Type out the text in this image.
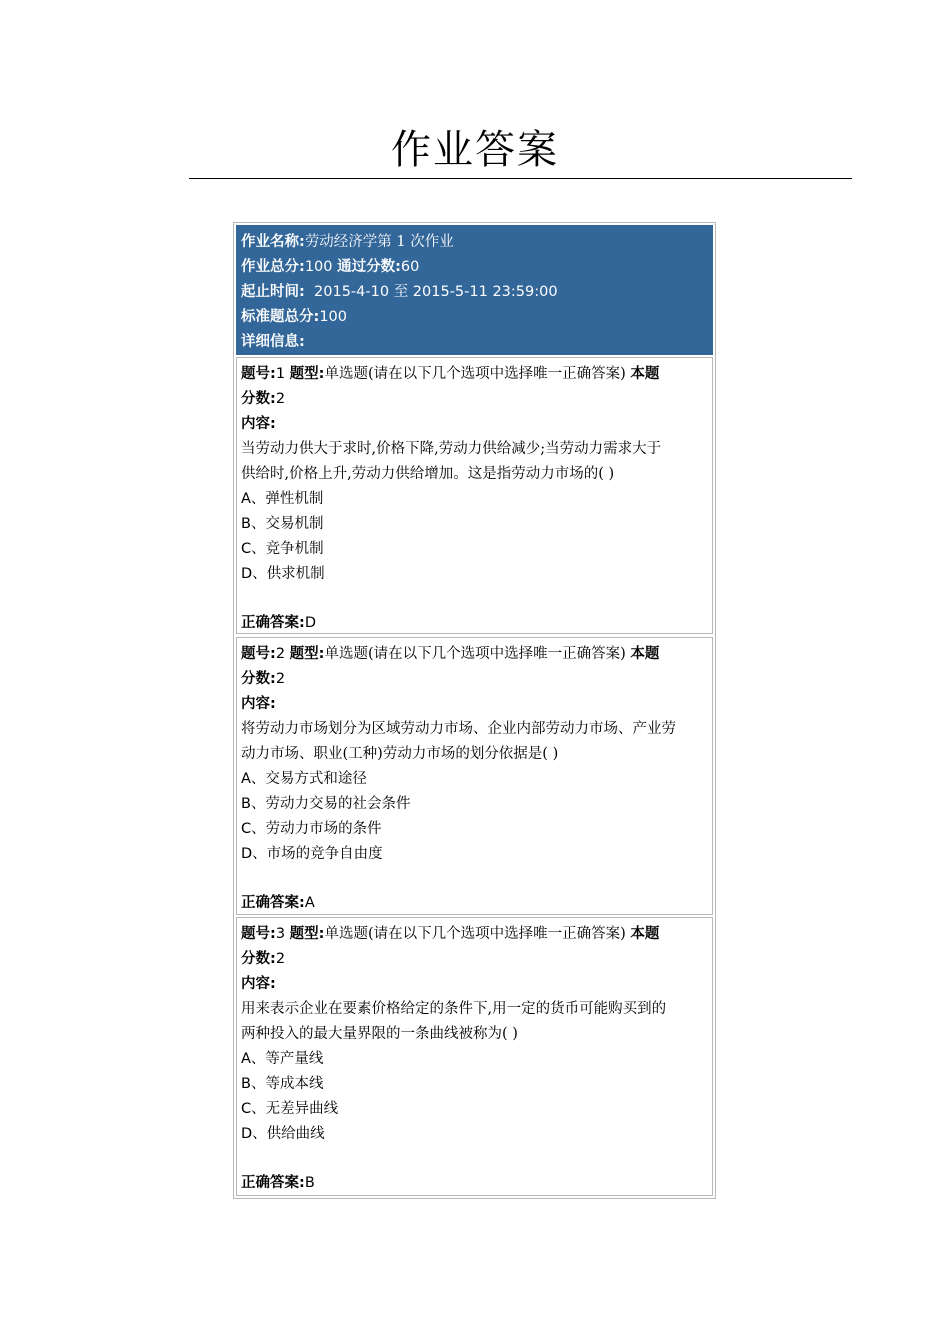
作业答案
作业名称:劳动经济学第 1 次作业
作业总分:100 通过分数:60
起止时间: 2015-4-10 至 2015-5-11 23:59:00
标准题总分:100
详细信息:
题号:1 题型:单选题(请在以下几个选项中选择唯一正确答案) 本题
分数:2
内容:
当劳动力供大于求时,价格下降,劳动力供给减少;当劳动力需求大于
供给时,价格上升,劳动力供给增加。这是指劳动力市场的( )
A、弹性机制
B、交易机制
C、竞争机制
D、供求机制
正确答案:D
题号:2 题型:单选题(请在以下几个选项中选择唯一正确答案) 本题
分数:2
内容:
将劳动力市场划分为区域劳动力市场、企业内部劳动力市场、产业劳
动力市场、职业(工种)劳动力市场的划分依据是( )
A、交易方式和途径
B、劳动力交易的社会条件
C、劳动力市场的条件
D、市场的竞争自由度
正确答案:A
题号:3 题型:单选题(请在以下几个选项中选择唯一正确答案) 本题
分数:2
内容:
用来表示企业在要素价格给定的条件下,用一定的货币可能购买到的
两种投入的最大量界限的一条曲线被称为( )
A、等产量线
B、等成本线
C、无差异曲线
D、供给曲线
正确答案:B
